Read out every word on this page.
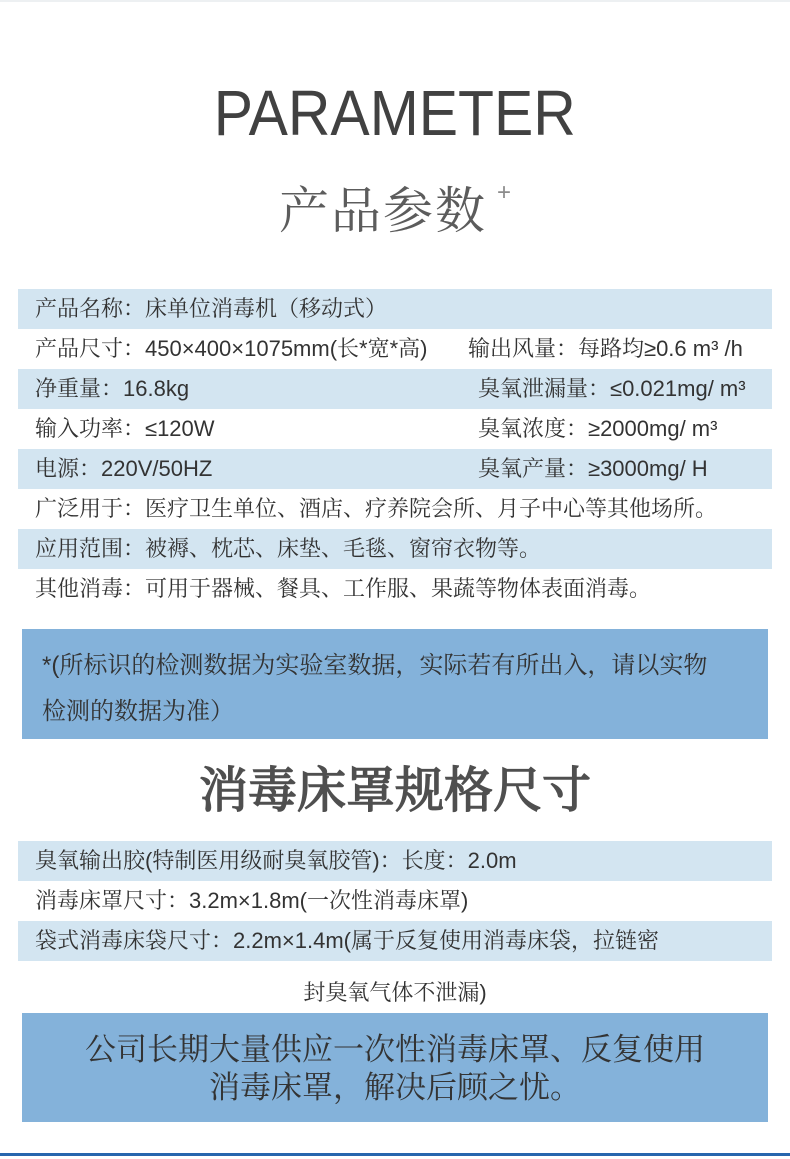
PARAMETER
产品参数 +
产品名称：床单位消毒机（移动式）
产品尺寸：450×400×1075mm(长*宽*高) 输出风量：每路均≥0.6 m³ /h
净重量：16.8kg	臭氧泄漏量：≤0.021mg/ m³
输入功率：≤120W	臭氧浓度：≥2000mg/ m³
电源：220V/50HZ	臭氧产量：≥3000mg/ H
广泛用于：医疗卫生单位、酒店、疗养院会所、月子中心等其他场所。
应用范围：被褥、枕芯、床垫、毛毯、窗帘衣物等。
其他消毒：可用于器械、餐具、工作服、果蔬等物体表面消毒。
*(所标识的检测数据为实验室数据，实际若有所出入，请以实物
检测的数据为准）
消毒床罩规格尺寸
臭氧输出胶(特制医用级耐臭氧胶管)：长度：2.0m
消毒床罩尺寸：3.2m×1.8m(一次性消毒床罩)
袋式消毒床袋尺寸：2.2m×1.4m(属于反复使用消毒床袋，拉链密
封臭氧气体不泄漏)
公司长期大量供应一次性消毒床罩、反复使用
消毒床罩，解决后顾之忧。
